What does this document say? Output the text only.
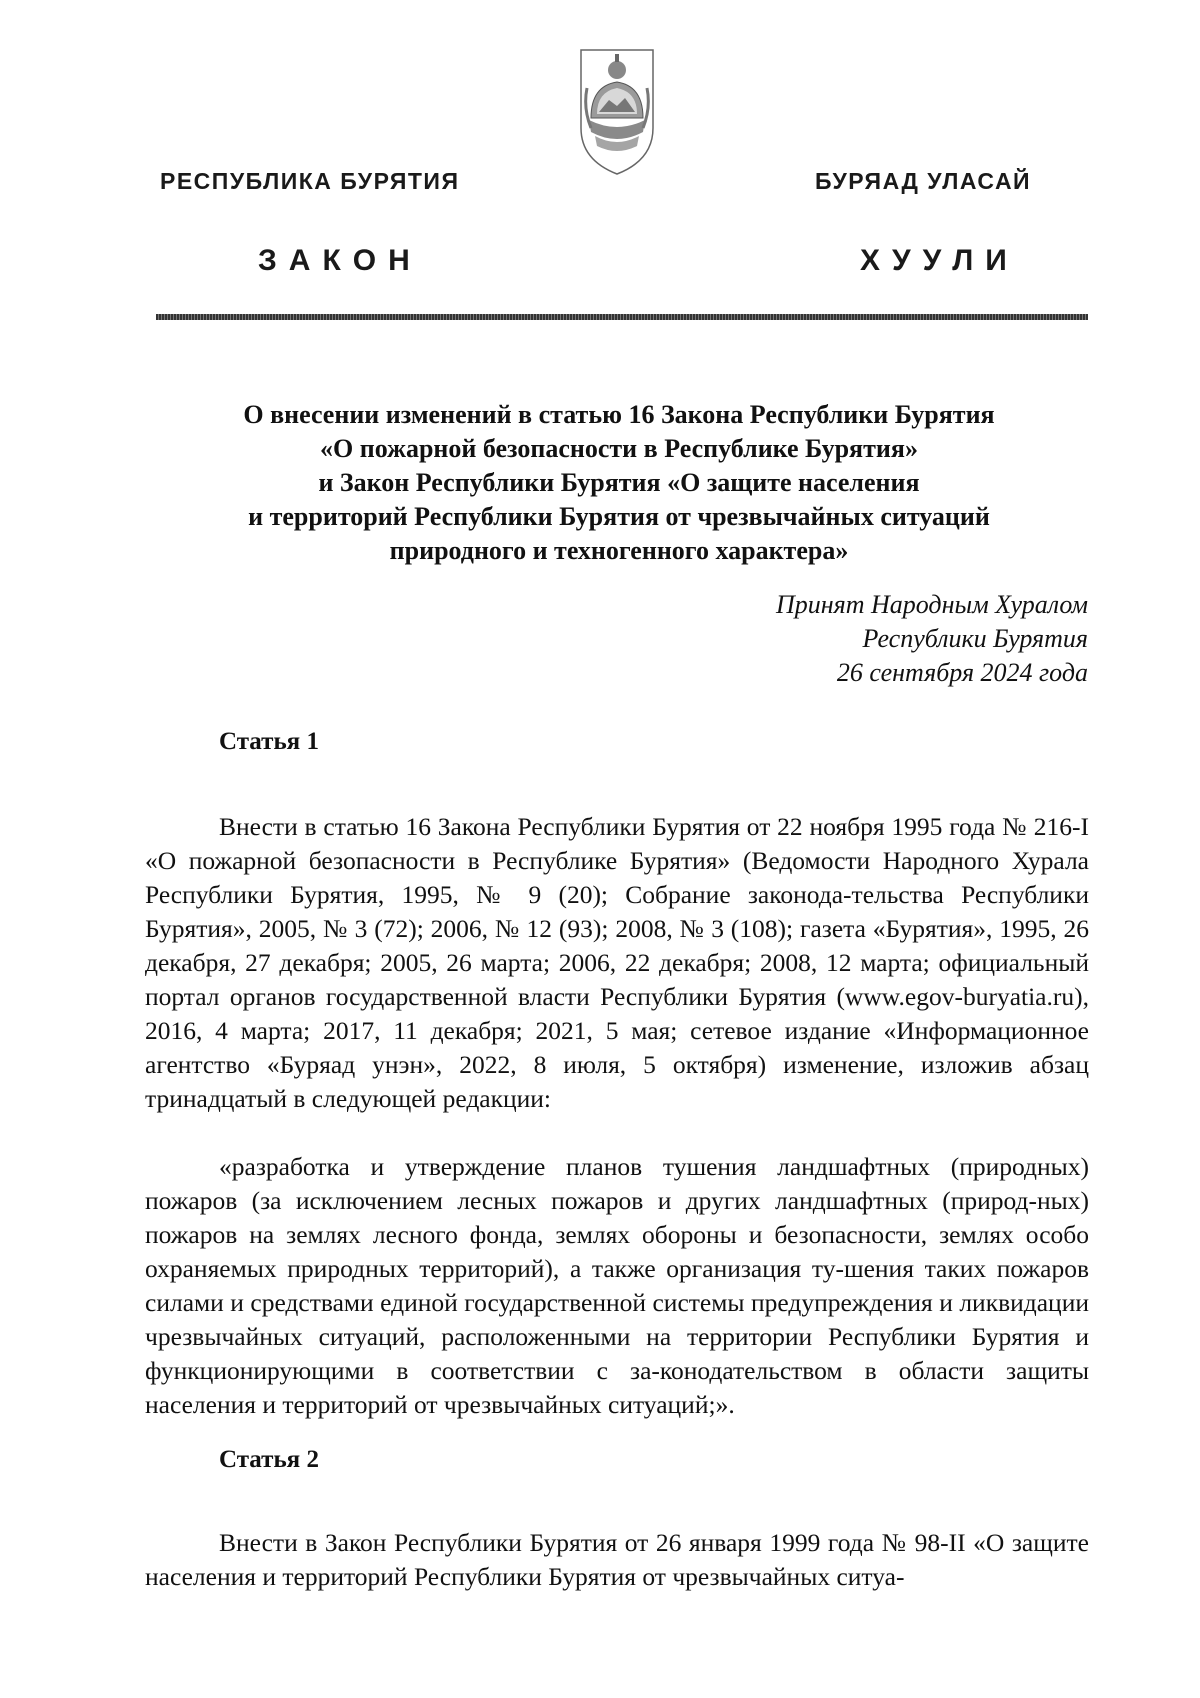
РЕСПУБЛИКА БУРЯТИЯ	БУРЯАД УЛАСАЙ
ЗАКОН	ХУУЛИ
О внесении изменений в статью 16 Закона Республики Бурятия
«О пожарной безопасности в Республике Бурятия»
и Закон Республики Бурятия «О защите населения
и территорий Республики Бурятия от чрезвычайных ситуаций
природного и техногенного характера»
Принят Народным Хуралом
Республики Бурятия
26 сентября 2024 года
Статья 1

Внести в статью 16 Закона Республики Бурятия от 22 ноября 1995 года № 216-I «О пожарной безопасности в Республике Бурятия» (Ведомости Народного Хурала Республики Бурятия, 1995, № 9 (20); Собрание законода-тельства Республики Бурятия», 2005, № 3 (72); 2006, № 12 (93); 2008, № 3 (108); газета «Бурятия», 1995, 26 декабря, 27 декабря; 2005, 26 марта; 2006, 22 декабря; 2008, 12 марта; официальный портал органов государственной власти Республики Бурятия (www.egov-buryatia.ru), 2016, 4 марта; 2017, 11 декабря; 2021, 5 мая; сетевое издание «Информационное агентство «Буряад унэн», 2022, 8 июля, 5 октября) изменение, изложив абзац тринадцатый в следующей редакции:

«разработка и утверждение планов тушения ландшафтных (природных) пожаров (за исключением лесных пожаров и других ландшафтных (природ-ных) пожаров на землях лесного фонда, землях обороны и безопасности, землях особо охраняемых природных территорий), а также организация ту-шения таких пожаров силами и средствами единой государственной системы предупреждения и ликвидации чрезвычайных ситуаций, расположенными на территории Республики Бурятия и функционирующими в соответствии с за-конодательством в области защиты населения и территорий от чрезвычайных ситуаций;».

Статья 2

Внести в Закон Республики Бурятия от 26 января 1999 года № 98-II «О защите населения и территорий Республики Бурятия от чрезвычайных ситуа-
